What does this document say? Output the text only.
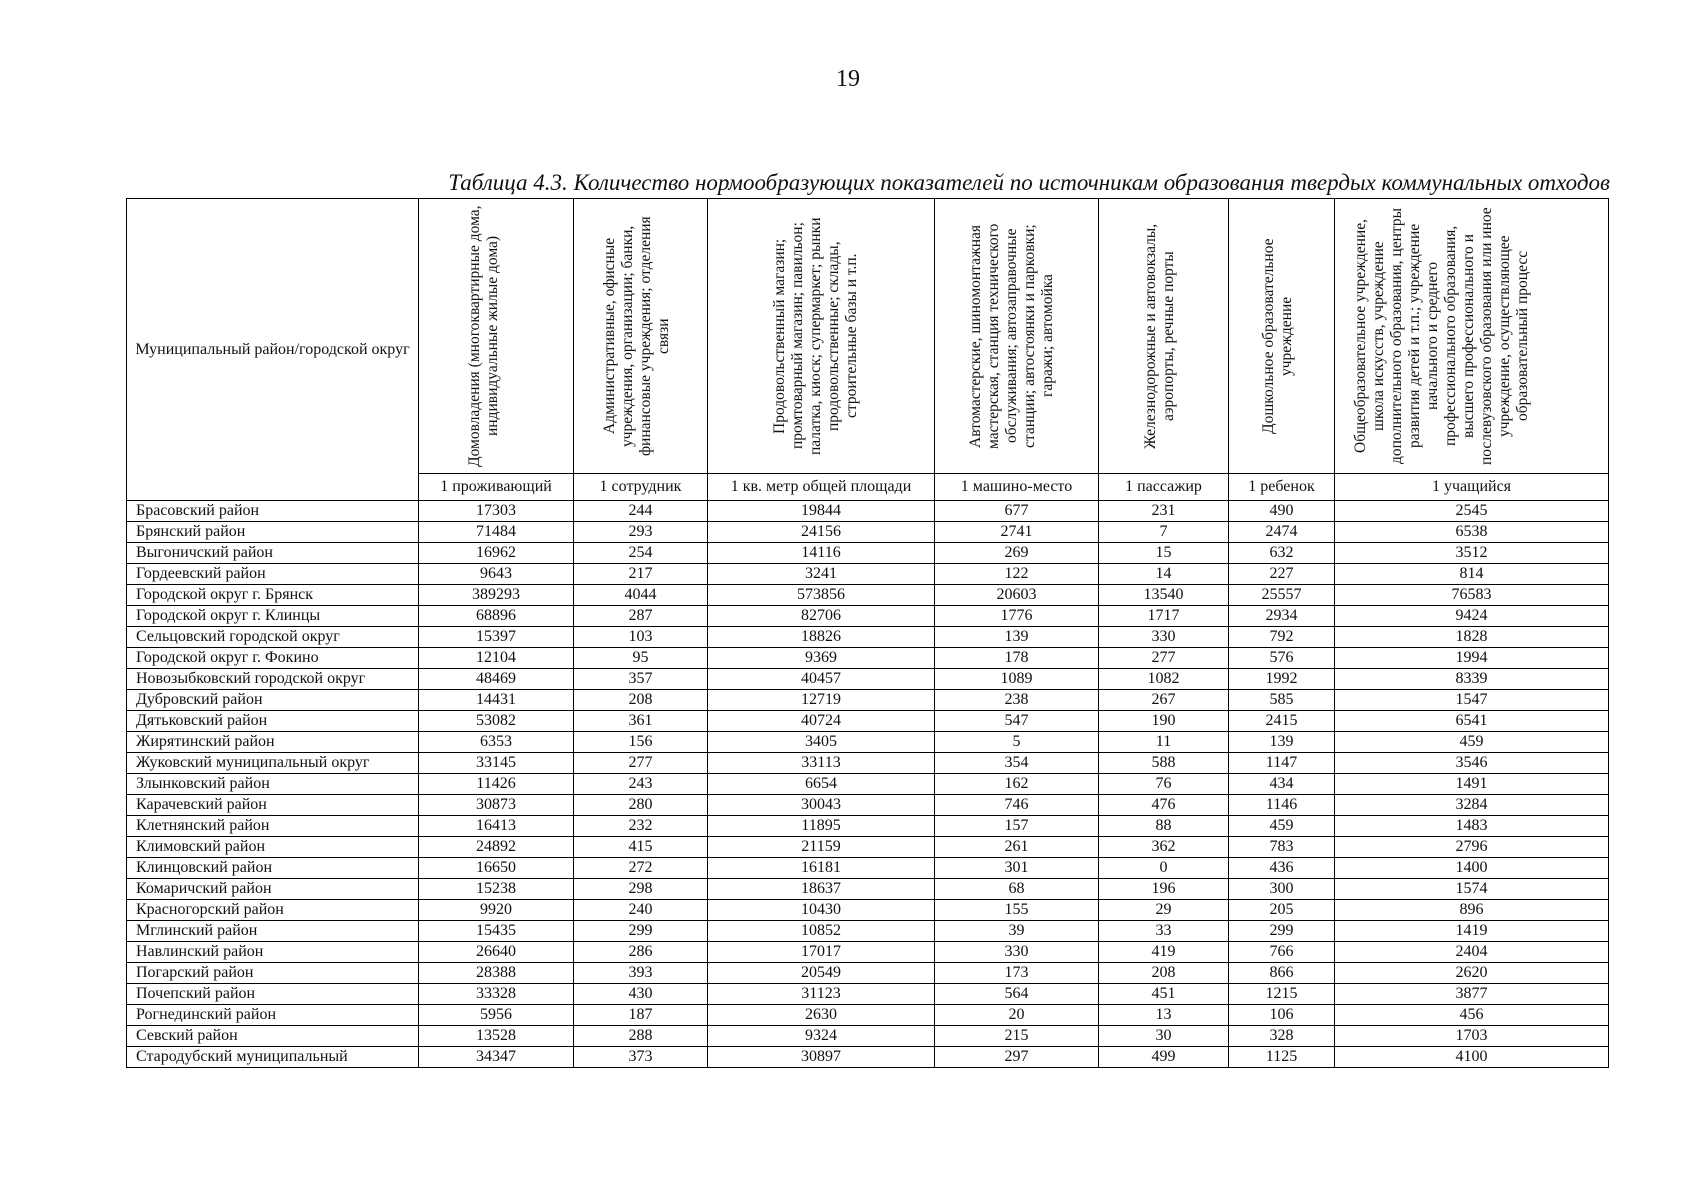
19
Таблица 4.3. Количество нормообразующих показателей по источникам образования твердых коммунальных отходов
Муниципальный район/городской округ	Домовладения (многоквартирные дома, индивидуальные жилые дома)	Административные, офисные учреждения, организации; банки, финансовые учреждения; отделения связи	Продовольственный магазин; промтоварный магазин; павильон; палатка, киоск; супермаркет; рынки продовольственные; склады, строительные базы и т.п.	Автомастерские, шиномонтажная мастерская, станция технического обслуживания; автозаправочные станции; автостоянки и парковки; гаражи; автомойка	Железнодорожные и автовокзалы, аэропорты, речные порты	Дошкольное образовательное учреждение	Общеобразовательное учреждение, школа искусств, учреждение дополнительного образования, центры развития детей и т.п.; учреждение начального и среднего профессионального образования, высшего профессионального и послевузовского образования или иное учреждение, осуществляющее образовательный процесс

	1 проживающий	1 сотрудник	1 кв. метр общей площади	1 машино-место	1 пассажир	1 ребенок	1 учащийся
Брасовский район	17303	244	19844	677	231	490	2545
Брянский район	71484	293	24156	2741	7	2474	6538
Выгоничский район	16962	254	14116	269	15	632	3512
Гордеевский район	9643	217	3241	122	14	227	814
Городской округ г. Брянск	389293	4044	573856	20603	13540	25557	76583
Городской округ г. Клинцы	68896	287	82706	1776	1717	2934	9424
Сельцовский городской округ	15397	103	18826	139	330	792	1828
Городской округ г. Фокино	12104	95	9369	178	277	576	1994
Новозыбковский городской округ	48469	357	40457	1089	1082	1992	8339
Дубровский район	14431	208	12719	238	267	585	1547
Дятьковский район	53082	361	40724	547	190	2415	6541
Жирятинский район	6353	156	3405	5	11	139	459
Жуковский муниципальный округ	33145	277	33113	354	588	1147	3546
Злынковский район	11426	243	6654	162	76	434	1491
Карачевский район	30873	280	30043	746	476	1146	3284
Клетнянский район	16413	232	11895	157	88	459	1483
Климовский район	24892	415	21159	261	362	783	2796
Клинцовский район	16650	272	16181	301	0	436	1400
Комаричский район	15238	298	18637	68	196	300	1574
Красногорский район	9920	240	10430	155	29	205	896
Мглинский район	15435	299	10852	39	33	299	1419
Навлинский район	26640	286	17017	330	419	766	2404
Погарский район	28388	393	20549	173	208	866	2620
Почепский район	33328	430	31123	564	451	1215	3877
Рогнединский район	5956	187	2630	20	13	106	456
Севский район	13528	288	9324	215	30	328	1703
Стародубский муниципальный	34347	373	30897	297	499	1125	4100
